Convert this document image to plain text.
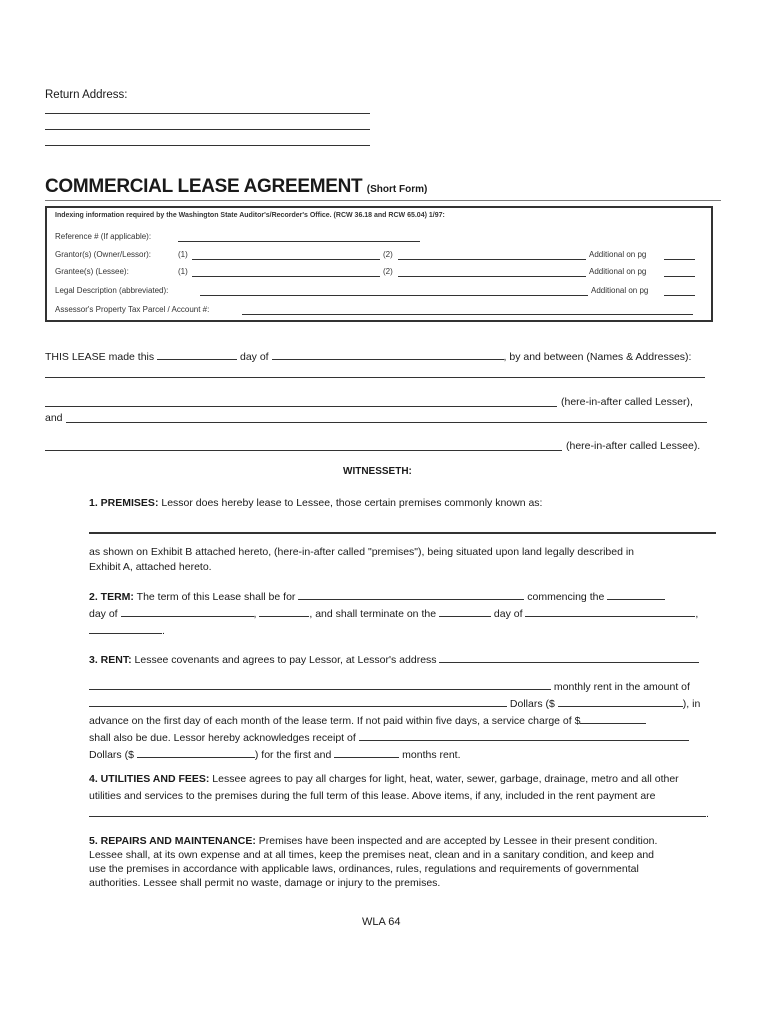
Return Address:
COMMERCIAL LEASE AGREEMENT (Short Form)
Indexing information required by the Washington State Auditor's/Recorder's Office. (RCW 36.18 and RCW 65.04) 1/97:
Reference # (If applicable):
Grantor(s) (Owner/Lessor):	(1)	(2)	Additional on pg
Grantee(s) (Lessee):	(1)	(2)	Additional on pg
Legal Description (abbreviated):	Additional on pg
Assessor's Property Tax Parcel / Account #:
THIS LEASE made this	day of	, by and between (Names & Addresses):
(here-in-after called Lesser),
and
(here-in-after called Lessee).
WITNESSETH:
1. PREMISES: Lessor does hereby lease to Lessee, those certain premises commonly known as:
as shown on Exhibit B attached hereto, (here-in-after called "premises"), being situated upon land legally described in
Exhibit A, attached hereto.
2. TERM: The term of this Lease shall be for	commencing the
day of	,	, and shall terminate on the	day of	,
.
3. RENT: Lessee covenants and agrees to pay Lessor, at Lessor's address
monthly rent in the amount of
Dollars ($	), in
advance on the first day of each month of the lease term. If not paid within five days, a service charge of $
shall also be due. Lessor hereby acknowledges receipt of
Dollars ($	) for the first and	months rent.
4. UTILITIES AND FEES: Lessee agrees to pay all charges for light, heat, water, sewer, garbage, drainage, metro and all other
utilities and services to the premises during the full term of this lease. Above items, if any, included in the rent payment are
.
5. REPAIRS AND MAINTENANCE: Premises have been inspected and are accepted by Lessee in their present condition.
Lessee shall, at its own expense and at all times, keep the premises neat, clean and in a sanitary condition, and keep and
use the premises in accordance with applicable laws, ordinances, rules, regulations and requirements of governmental
authorities. Lessee shall permit no waste, damage or injury to the premises.
WLA 64
